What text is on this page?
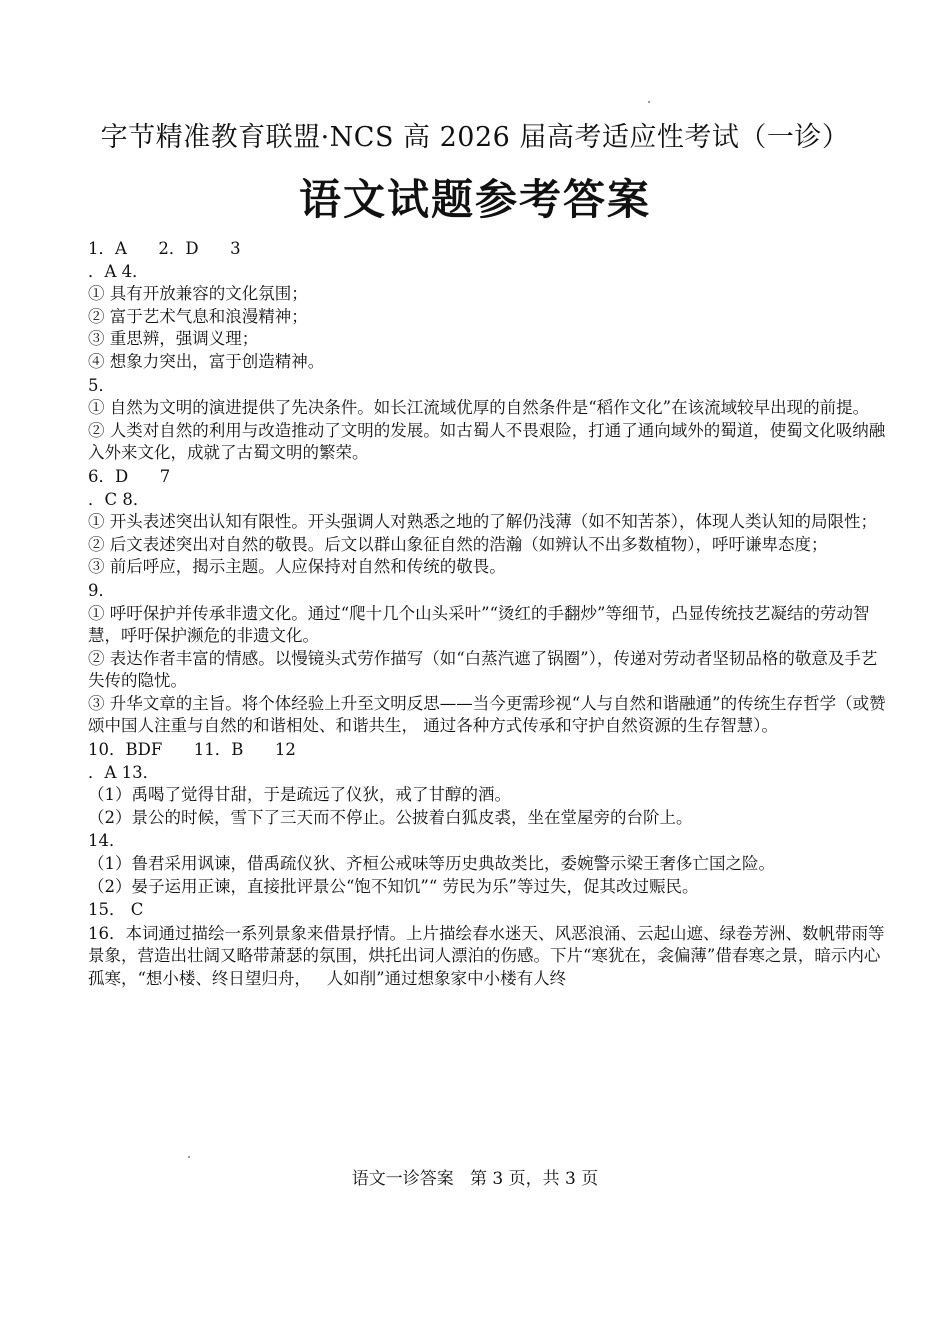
字节精准教育联盟·NCS 高 2026 届高考适应性考试（一诊）
语文试题参考答案

1．A      2．D      3

．A 4．

① 具有开放兼容的文化氛围；

② 富于艺术气息和浪漫精神；

③ 重思辨，强调义理；

④ 想象力突出，富于创造精神。

5．

① 自然为文明的演进提供了先决条件。如长江流域优厚的自然条件是“稻作文化”在该流域较早出现的前提。

② 人类对自然的利用与改造推动了文明的发展。如古蜀人不畏艰险，打通了通向域外的蜀道，使蜀文化吸纳融入外来文化，成就了古蜀文明的繁荣。

6．D      7

．C 8．

① 开头表述突出认知有限性。开头强调人对熟悉之地的了解仍浅薄（如不知苦茶），体现人类认知的局限性；

② 后文表述突出对自然的敬畏。后文以群山象征自然的浩瀚（如辨认不出多数植物），呼吁谦卑态度；

③ 前后呼应，揭示主题。人应保持对自然和传统的敬畏。

9．

① 呼吁保护并传承非遗文化。通过“爬十几个山头采叶”“烫红的手翻炒”等细节，凸显传统技艺凝结的劳动智慧，呼吁保护濒危的非遗文化。

② 表达作者丰富的情感。以慢镜头式劳作描写（如“白蒸汽遮了锅圈”），传递对劳动者坚韧品格的敬意及手艺失传的隐忧。

③ 升华文章的主旨。将个体经验上升至文明反思——当今更需珍视“人与自然和谐融通”的传统生存哲学（或赞颂中国人注重与自然的和谐相处、和谐共生， 通过各种方式传承和守护自然资源的生存智慧）。

10．BDF      11．B      12

．A 13．

（1）禹喝了觉得甘甜，于是疏远了仪狄，戒了甘醇的酒。

（2）景公的时候，雪下了三天而不停止。公披着白狐皮裘，坐在堂屋旁的台阶上。

14．

（1）鲁君采用讽谏，借禹疏仪狄、齐桓公戒味等历史典故类比，委婉警示梁王奢侈亡国之险。

（2）晏子运用正谏，直接批评景公“饱不知饥”“ 劳民为乐”等过失，促其改过赈民。

15． C

16．本词通过描绘一系列景象来借景抒情。上片描绘春水迷天、风恶浪涌、云起山遮、绿卷芳洲、数帆带雨等景象，营造出壮阔又略带萧瑟的氛围，烘托出词人漂泊的伤感。下片“寒犹在，衾偏薄”借春寒之景，暗示内心孤寒，“想小楼、终日望归舟，   人如削”通过想象家中小楼有人终

语文一诊答案   第 3 页，共 3 页
